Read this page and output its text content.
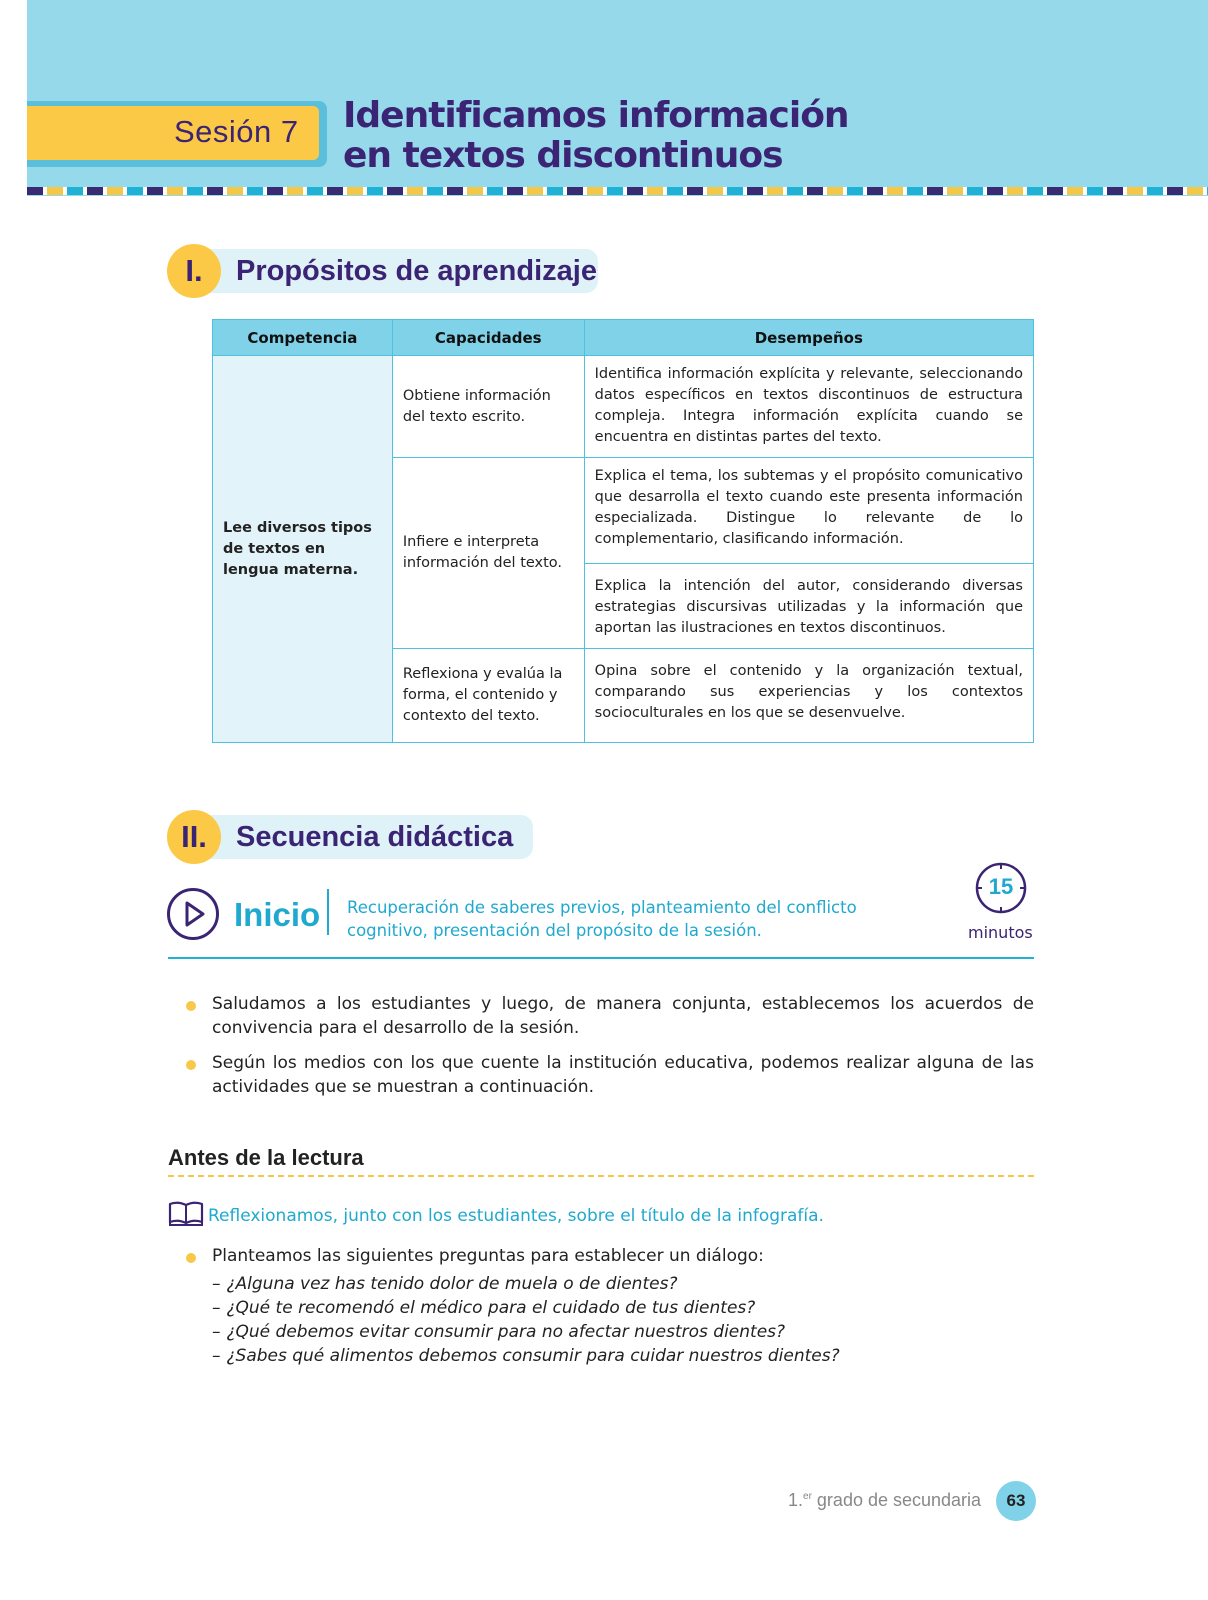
Sesión 7 Identificamos información
en textos discontinuos
I.	Propósitos de aprendizaje
Competencia	Capacidades	Desempeños
Lee diversos tipos de textos en lengua materna.	Obtiene información del texto escrito.	Identifica información explícita y relevante, seleccionando datos específicos en textos discontinuos de estructura compleja. Integra información explícita cuando se encuentra en distintas partes del texto.
	Infiere e interpreta información del texto.	Explica el tema, los subtemas y el propósito comunicativo que desarrolla el texto cuando este presenta información especializada. Distingue lo relevante de lo complementario, clasificando información.
		Explica la intención del autor, considerando diversas estrategias discursivas utilizadas y la información que aportan las ilustraciones en textos discontinuos.
	Reflexiona y evalúa la forma, el contenido y contexto del texto.	Opina sobre el contenido y la organización textual, comparando sus experiencias y los contextos socioculturales en los que se desenvuelve.
II.	Secuencia didáctica
Inicio Recuperación de saberes previos, planteamiento del conflicto cognitivo, presentación del propósito de la sesión.
15
minutos
Saludamos a los estudiantes y luego, de manera conjunta, establecemos los acuerdos de convivencia para el desarrollo de la sesión.
Según los medios con los que cuente la institución educativa, podemos realizar alguna de las actividades que se muestran a continuación.
Antes de la lectura
Reflexionamos, junto con los estudiantes, sobre el título de la infografía.
Planteamos las siguientes preguntas para establecer un diálogo:
– ¿Alguna vez has tenido dolor de muela o de dientes?
– ¿Qué te recomendó el médico para el cuidado de tus dientes?
– ¿Qué debemos evitar consumir para no afectar nuestros dientes?
– ¿Sabes qué alimentos debemos consumir para cuidar nuestros dientes?
1.$^{er}$ grado de secundaria	63
